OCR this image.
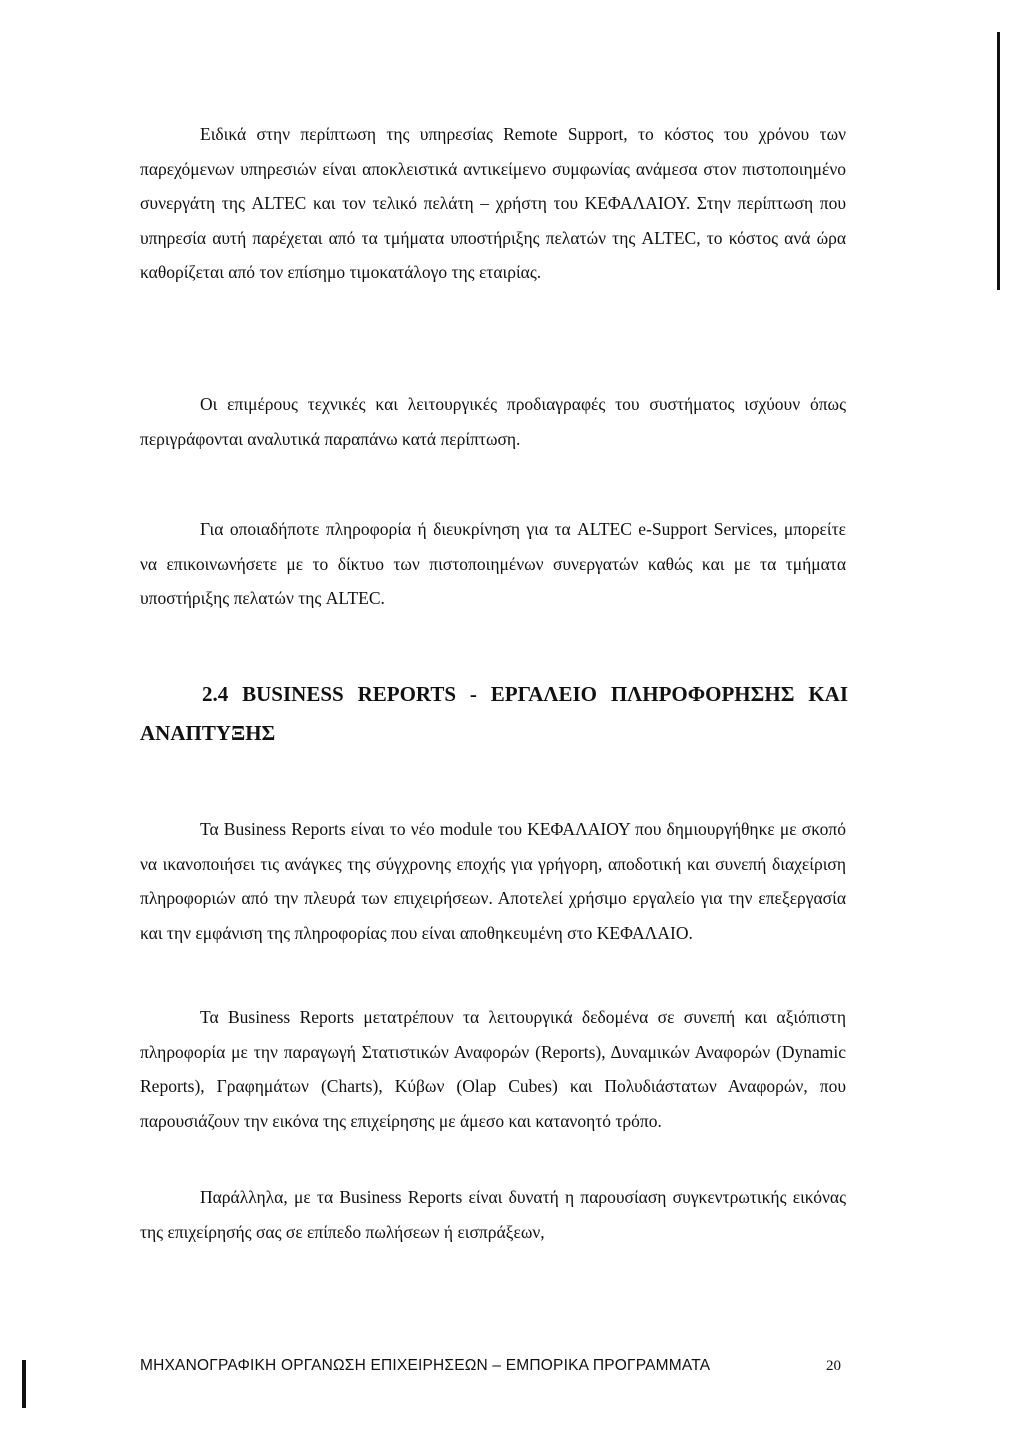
Ειδικά στην περίπτωση της υπηρεσίας Remote Support, το κόστος του χρόνου των παρεχόμενων υπηρεσιών είναι αποκλειστικά αντικείμενο συμφωνίας ανάμεσα στον πιστοποιημένο συνεργάτη της ALTEC και τον τελικό πελάτη – χρήστη του ΚΕΦΑΛΑΙΟΥ. Στην περίπτωση που υπηρεσία αυτή παρέχεται από τα τμήματα υποστήριξης πελατών της ALTEC, το κόστος ανά ώρα καθορίζεται από τον επίσημο τιμοκατάλογο της εταιρίας.

Οι επιμέρους τεχνικές και λειτουργικές προδιαγραφές του συστήματος ισχύουν όπως περιγράφονται αναλυτικά παραπάνω κατά περίπτωση.

Για οποιαδήποτε πληροφορία ή διευκρίνηση για τα ALTEC e-Support Services, μπορείτε να επικοινωνήσετε με το δίκτυο των πιστοποιημένων συνεργατών καθώς και με τα τμήματα υποστήριξης πελατών της ALTEC.

2.4 BUSINESS REPORTS - ΕΡΓΑΛΕΙΟ ΠΛΗΡΟΦΟΡΗΣΗΣ ΚΑΙ ΑΝΑΠΤΥΞΗΣ

Τα Business Reports είναι το νέο module του ΚΕΦΑΛΑΙΟΥ που δημιουργήθηκε με σκοπό να ικανοποιήσει τις ανάγκες της σύγχρονης εποχής για γρήγορη, αποδοτική και συνεπή διαχείριση πληροφοριών από την πλευρά των επιχειρήσεων. Αποτελεί χρήσιμο εργαλείο για την επεξεργασία και την εμφάνιση της πληροφορίας που είναι αποθηκευμένη στο ΚΕΦΑΛΑΙΟ.

Τα Business Reports μετατρέπουν τα λειτουργικά δεδομένα σε συνεπή και αξιόπιστη πληροφορία με την παραγωγή Στατιστικών Αναφορών (Reports), Δυναμικών Αναφορών (Dynamic Reports), Γραφημάτων (Charts), Κύβων (Olap Cubes) και Πολυδιάστατων Αναφορών, που παρουσιάζουν την εικόνα της επιχείρησης με άμεσο και κατανοητό τρόπο.

Παράλληλα, με τα Business Reports είναι δυνατή η παρουσίαση συγκεντρωτικής εικόνας της επιχείρησής σας σε επίπεδο πωλήσεων ή εισπράξεων,

ΜΗΧΑΝΟΓΡΑΦΙΚΗ ΟΡΓΑΝΩΣΗ ΕΠΙΧΕΙΡΗΣΕΩΝ – ΕΜΠΟΡΙΚΑ ΠΡΟΓΡΑΜΜΑΤΑ	20
